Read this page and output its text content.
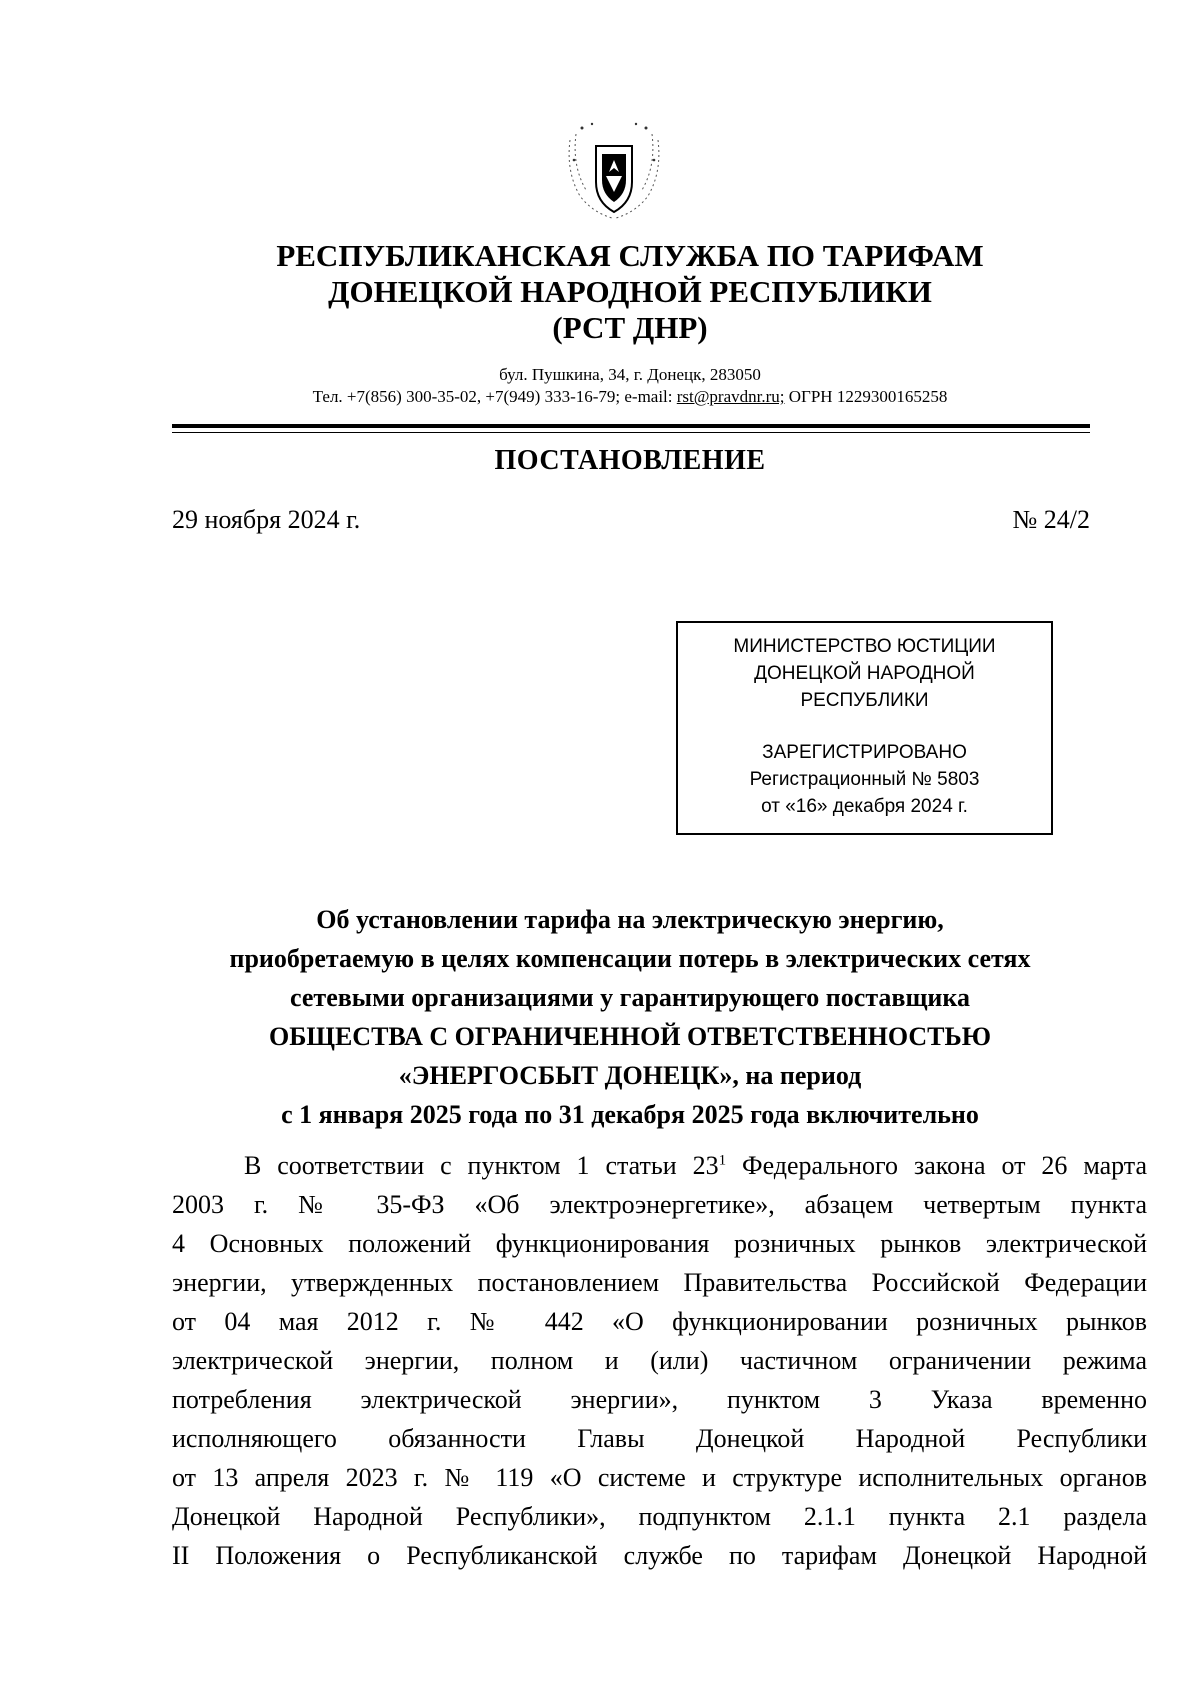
РЕСПУБЛИКАНСКАЯ СЛУЖБА ПО ТАРИФАМ
ДОНЕЦКОЙ НАРОДНОЙ РЕСПУБЛИКИ
(РСТ ДНР)
бул. Пушкина, 34, г. Донецк, 283050
Тел. +7(856) 300-35-02, +7(949) 333-16-79; e-mail: rst@pravdnr.ru; ОГРН 1229300165258
ПОСТАНОВЛЕНИЕ
29 ноября 2024 г.	№ 24/2
МИНИСТЕРСТВО ЮСТИЦИИ
ДОНЕЦКОЙ НАРОДНОЙ
РЕСПУБЛИКИ
ЗАРЕГИСТРИРОВАНО
Регистрационный № 5803
от «16» декабря 2024 г.
Об установлении тарифа на электрическую энергию,
приобретаемую в целях компенсации потерь в электрических сетях
сетевыми организациями у гарантирующего поставщика
ОБЩЕСТВА С ОГРАНИЧЕННОЙ ОТВЕТСТВЕННОСТЬЮ
«ЭНЕРГОСБЫТ ДОНЕЦК», на период
с 1 января 2025 года по 31 декабря 2025 года включительно
В соответствии с пунктом 1 статьи $23^1$ Федерального закона от 26 марта
2003 г. № 35-ФЗ «Об электроэнергетике», абзацем четвертым пункта
4 Основных положений функционирования розничных рынков электрической
энергии, утвержденных постановлением Правительства Российской Федерации
от 04 мая 2012 г. № 442 «О функционировании розничных рынков
электрической энергии, полном и (или) частичном ограничении режима
потребления электрической энергии», пунктом 3 Указа временно
исполняющего обязанности Главы Донецкой Народной Республики
от 13 апреля 2023 г. № 119 «О системе и структуре исполнительных органов
Донецкой Народной Республики», подпунктом 2.1.1 пункта 2.1 раздела
II Положения о Республиканской службе по тарифам Донецкой Народной
